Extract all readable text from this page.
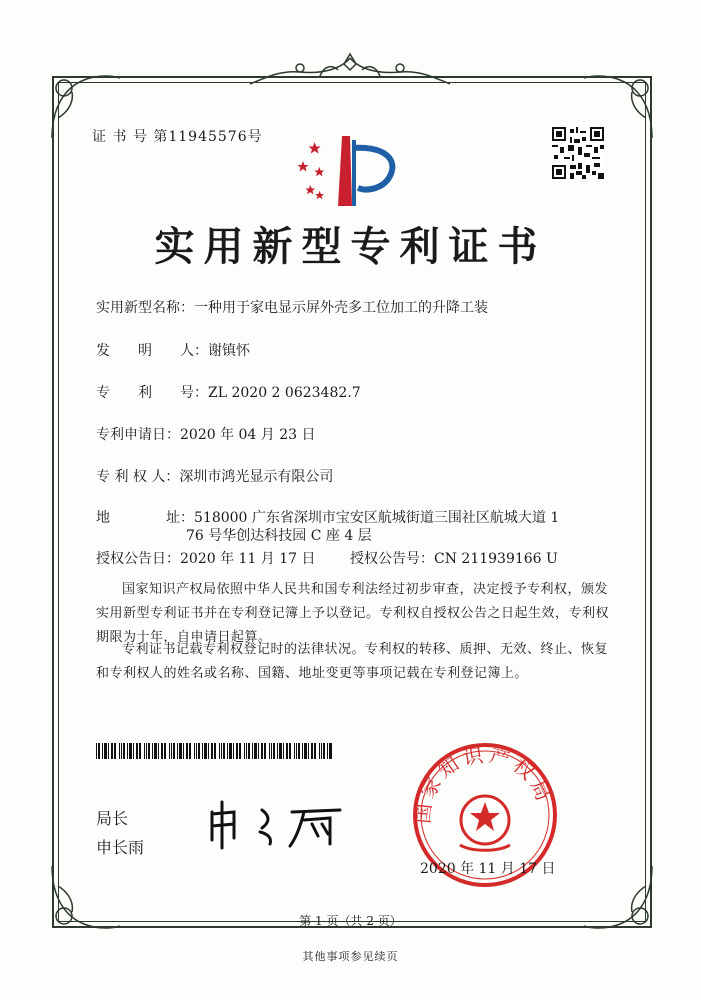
证 书 号 第11945576号
实用新型专利证书
实用新型名称：一种用于家电显示屏外壳多工位加工的升降工装
发　　明　　人：谢镇怀
专　　利　　号：ZL 2020 2 0623482.7
专利申请日：2020 年 04 月 23 日
专 利 权 人：深圳市鸿光显示有限公司
地　　　　址：518000 广东省深圳市宝安区航城街道三围社区航城大道 1
76 号华创达科技园 C 座 4 层
授权公告日：2020 年 11 月 17 日 授权公告号：CN 211939166 U
国家知识产权局依照中华人民共和国专利法经过初步审查，决定授予专利权，颁发实用新型专利证书并在专利登记簿上予以登记。专利权自授权公告之日起生效，专利权期限为十年，自申请日起算。
专利证书记载专利权登记时的法律状况。专利权的转移、质押、无效、终止、恢复和专利权人的姓名或名称、国籍、地址变更等事项记载在专利登记簿上。
局长
申长雨
国家知识产权局
2020 年 11 月 17 日
第 1 页（共 2 页）
其他事项参见续页
